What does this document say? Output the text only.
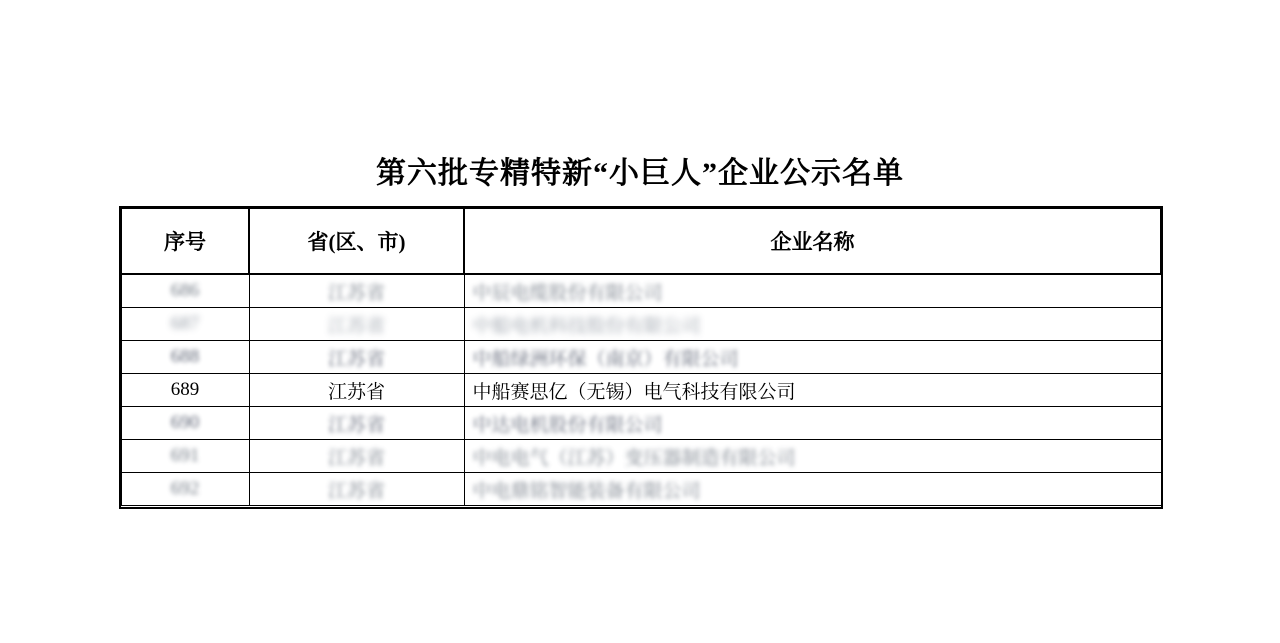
第六批专精特新“小巨人”企业公示名单
序号	省(区、市)	企业名称
686	江苏省	中辰电缆股份有限公司
687	江苏省	中船电机科技股份有限公司
688	江苏省	中船绿洲环保（南京）有限公司
689	江苏省	中船赛思亿（无锡）电气科技有限公司
690	江苏省	中达电机股份有限公司
691	江苏省	中电电气（江苏）变压器制造有限公司
692	江苏省	中电鼎铭智能装备有限公司
